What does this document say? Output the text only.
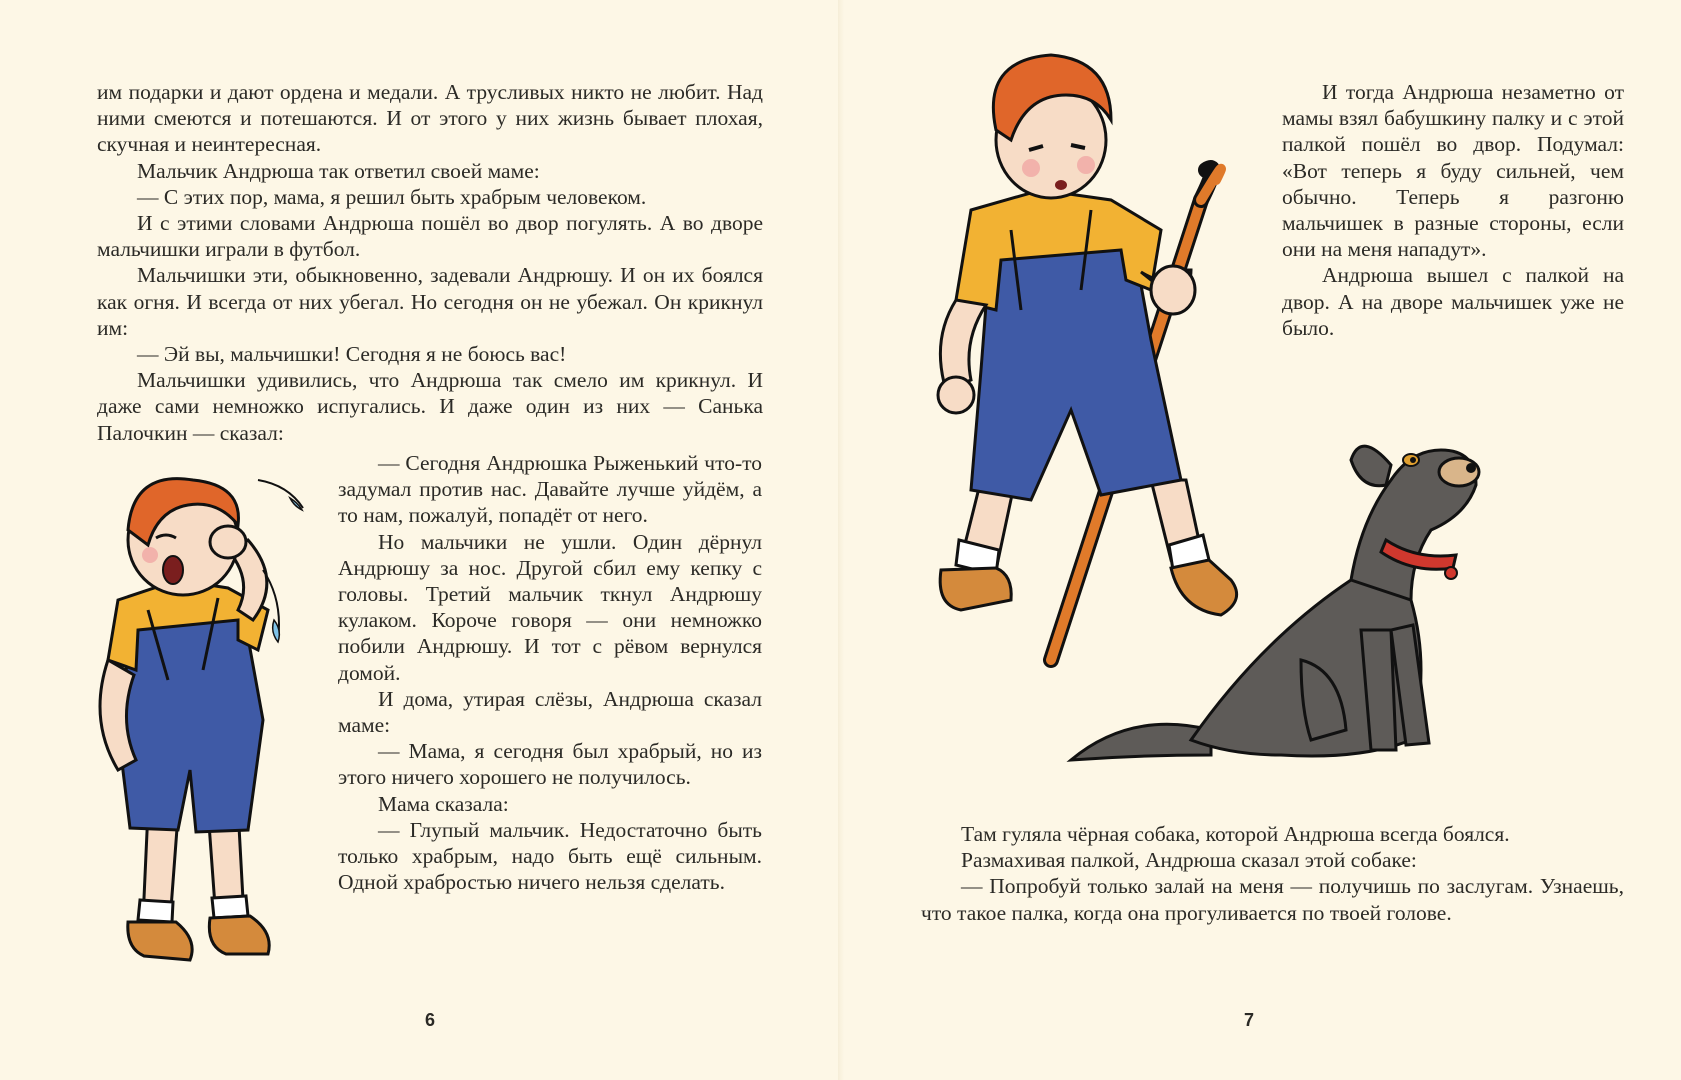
им подарки и дают ордена и медали. А трусливых никто не любит. Над ними смеются и потешаются. И от этого у них жизнь бывает плохая, скучная и неинтересная.

Мальчик Андрюша так ответил своей маме:

— С этих пор, мама, я решил быть храбрым человеком.

И с этими словами Андрюша пошёл во двор погулять. А во дворе мальчишки играли в футбол.

Мальчишки эти, обыкновенно, задевали Андрюшу. И он их боялся как огня. И всегда от них убегал. Но сегодня он не убежал. Он крикнул им:

— Эй вы, мальчишки! Сегодня я не боюсь вас!

Мальчишки удивились, что Андрюша так смело им крикнул. И даже сами немножко испугались. И даже один из них — Санька Палочкин — сказал:

— Сегодня Андрюшка Рыженький что-то задумал против нас. Давайте лучше уйдём, а то нам, пожалуй, попадёт от него.

Но мальчики не ушли. Один дёрнул Андрюшу за нос. Другой сбил ему кепку с головы. Третий мальчик ткнул Андрюшу кулаком. Короче говоря — они немножко побили Андрюшу. И тот с рёвом вернулся домой.

И дома, утирая слёзы, Андрюша сказал маме:

— Мама, я сегодня был храбрый, но из этого ничего хорошего не получилось.

Мама сказала:

— Глупый мальчик. Недостаточно быть только храбрым, надо быть ещё сильным. Одной храбростью ничего нельзя сделать.

6

И тогда Андрюша незаметно от мамы взял бабушкину палку и с этой палкой пошёл во двор. Подумал: «Вот теперь я буду сильней, чем обычно. Теперь я разгоню мальчишек в разные стороны, если они на меня нападут».

Андрюша вышел с палкой на двор. А на дворе мальчишек уже не было.

Там гуляла чёрная собака, которой Андрюша всегда боялся.

Размахивая палкой, Андрюша сказал этой собаке:

— Попробуй только залай на меня — получишь по заслугам. Узнаешь, что такое палка, когда она прогуливается по твоей голове.

7
